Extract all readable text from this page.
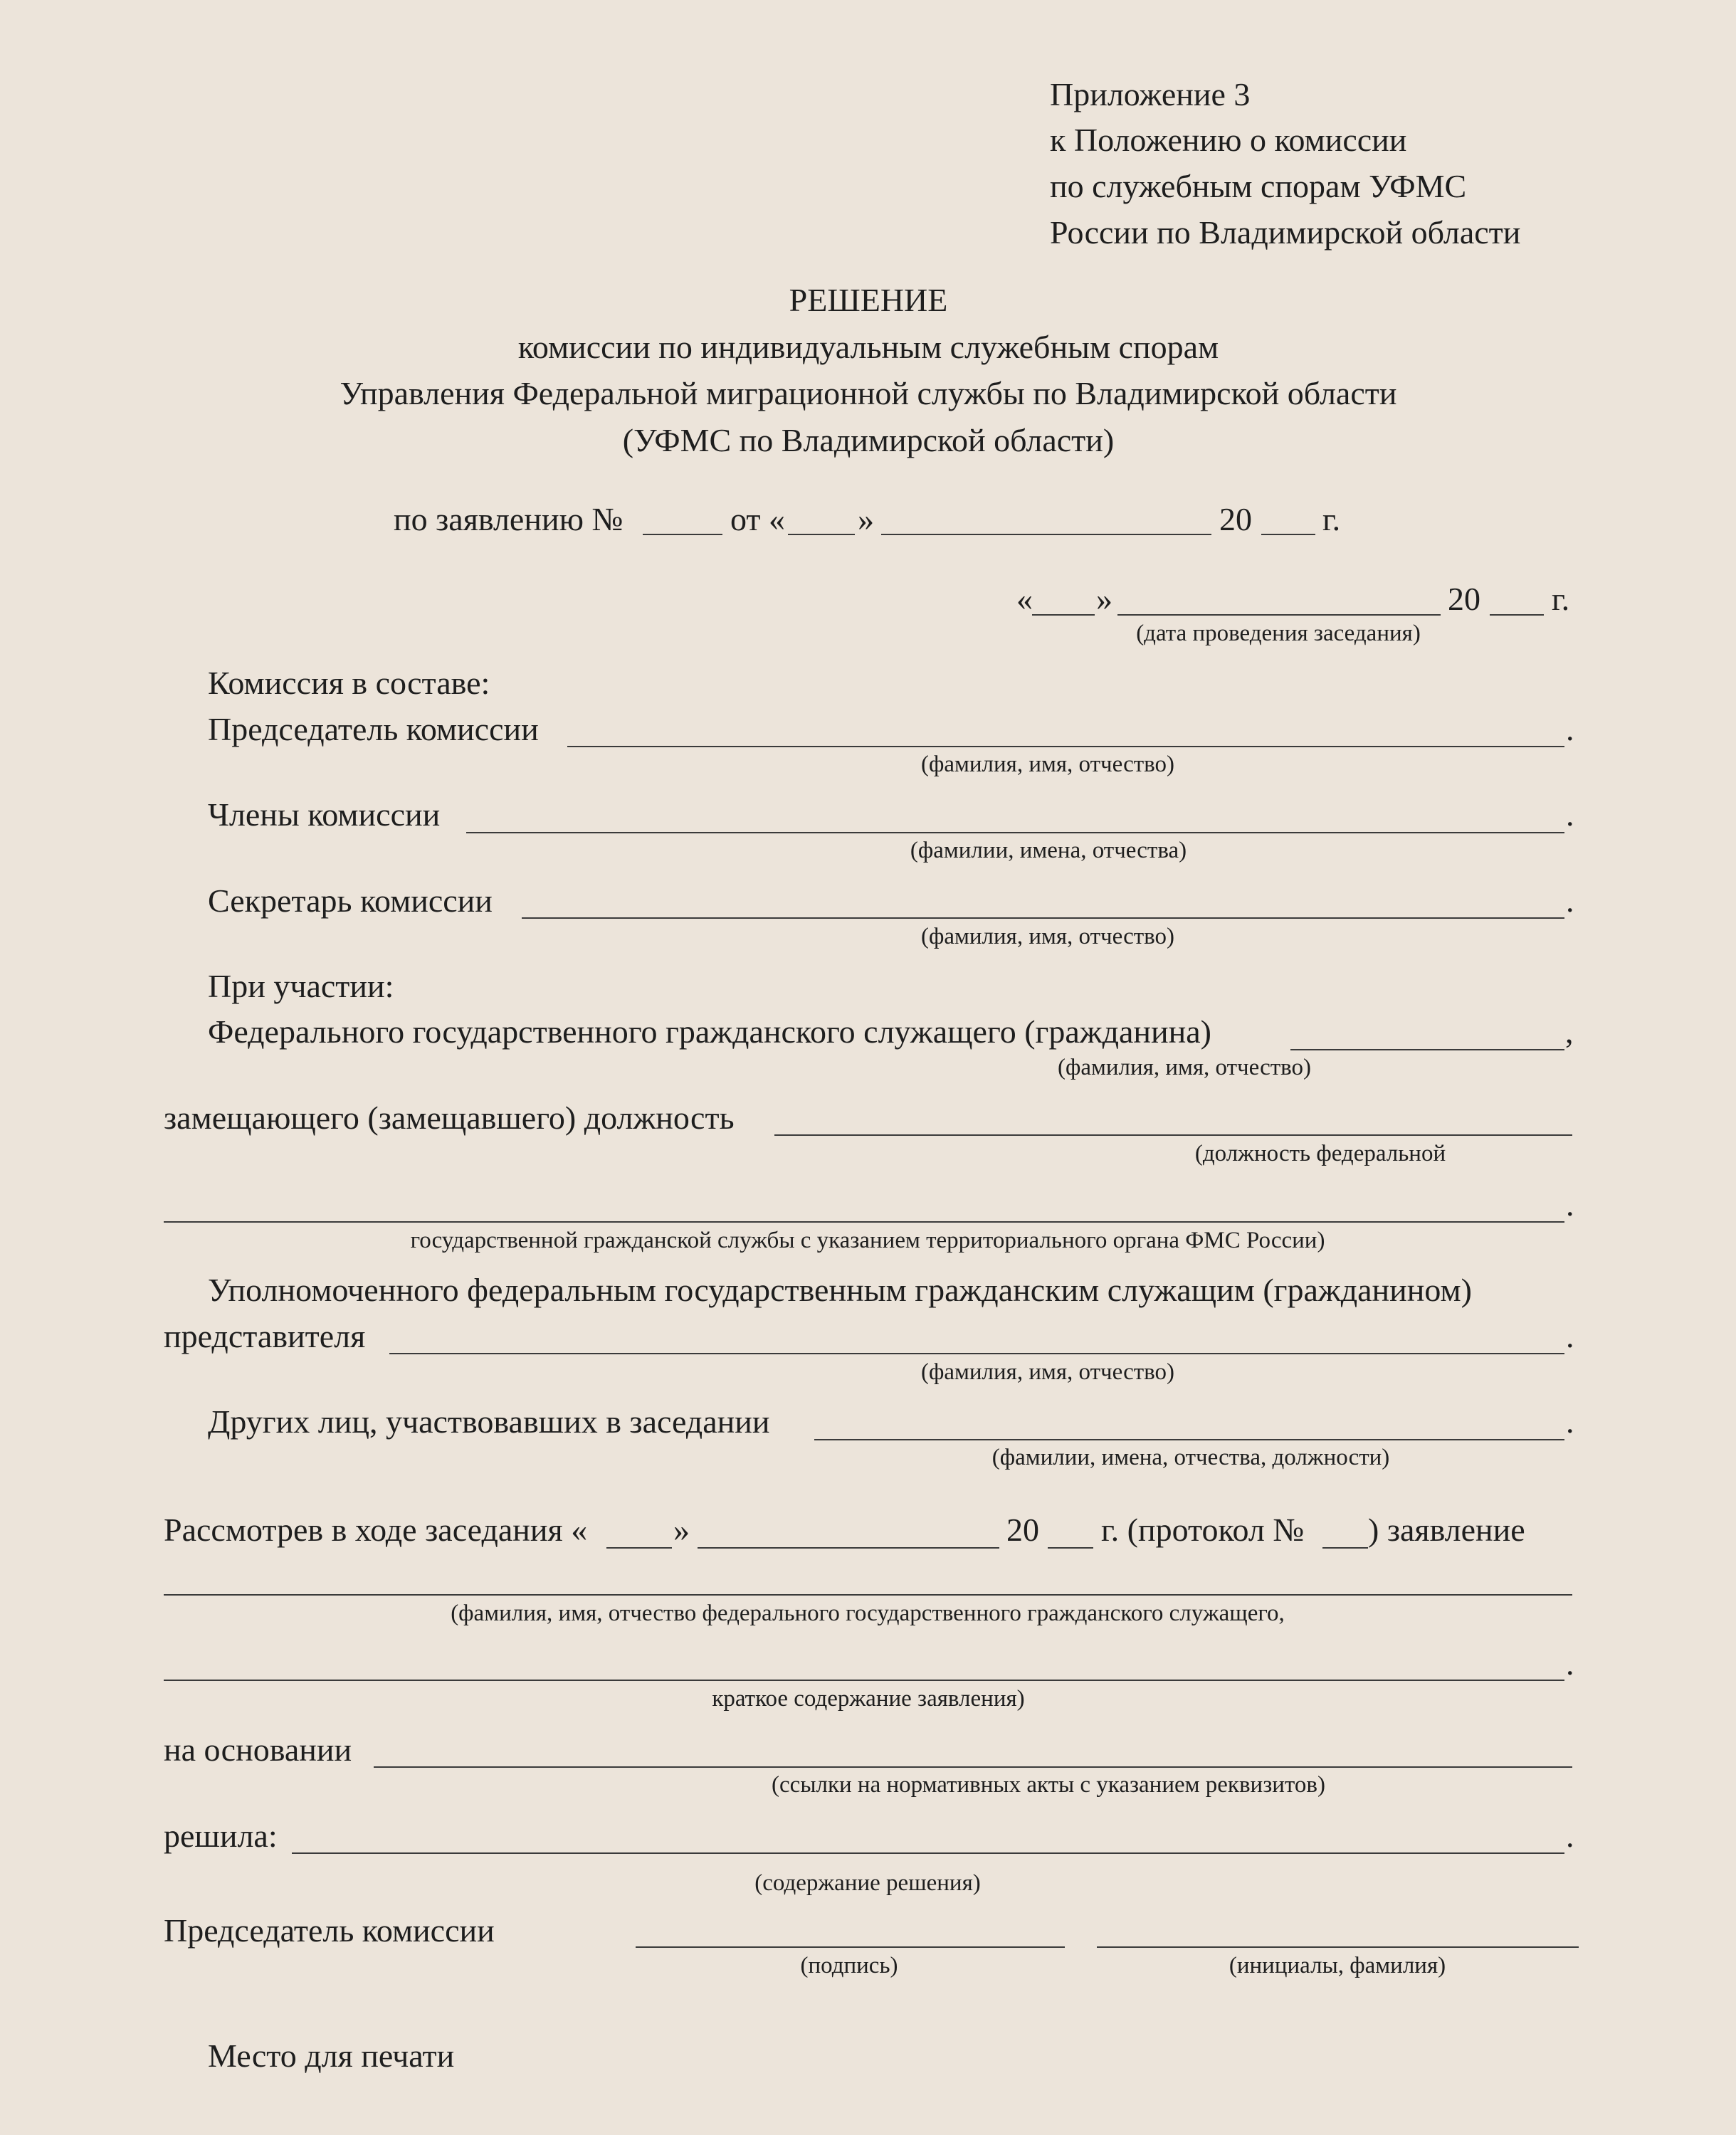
Приложение 3
к Положению о комиссии
по служебным спорам УФМС
России по Владимирской области
РЕШЕНИЕ
комиссии по индивидуальным служебным спорам
Управления Федеральной миграционной службы по Владимирской области
(УФМС по Владимирской области)
по заявлению №	от « »	20 г.
« »	20 г.
(дата проведения заседания)
Комиссия в составе:
Председатель комиссии	.
(фамилия, имя, отчество)
Члены комиссии	.
(фамилии, имена, отчества)
Секретарь комиссии	.
(фамилия, имя, отчество)
При участии:
Федерального государственного гражданского служащего (гражданина)	,
(фамилия, имя, отчество)
замещающего (замещавшего) должность
(должность федеральной
.
государственной гражданской службы с указанием территориального органа ФМС России)
Уполномоченного федеральным государственным гражданским служащим (гражданином)
представителя	.
(фамилия, имя, отчество)
Других лиц, участвовавших в заседании	.
(фамилии, имена, отчества, должности)
Рассмотрев в ходе заседания «	»	20 г. (протокол № ) заявление
(фамилия, имя, отчество федерального государственного гражданского служащего,
.
краткое содержание заявления)
на основании
(ссылки на нормативных акты с указанием реквизитов)
решила:	.
(содержание решения)
Председатель комиссии
(подпись)	(инициалы, фамилия)
Место для печати
